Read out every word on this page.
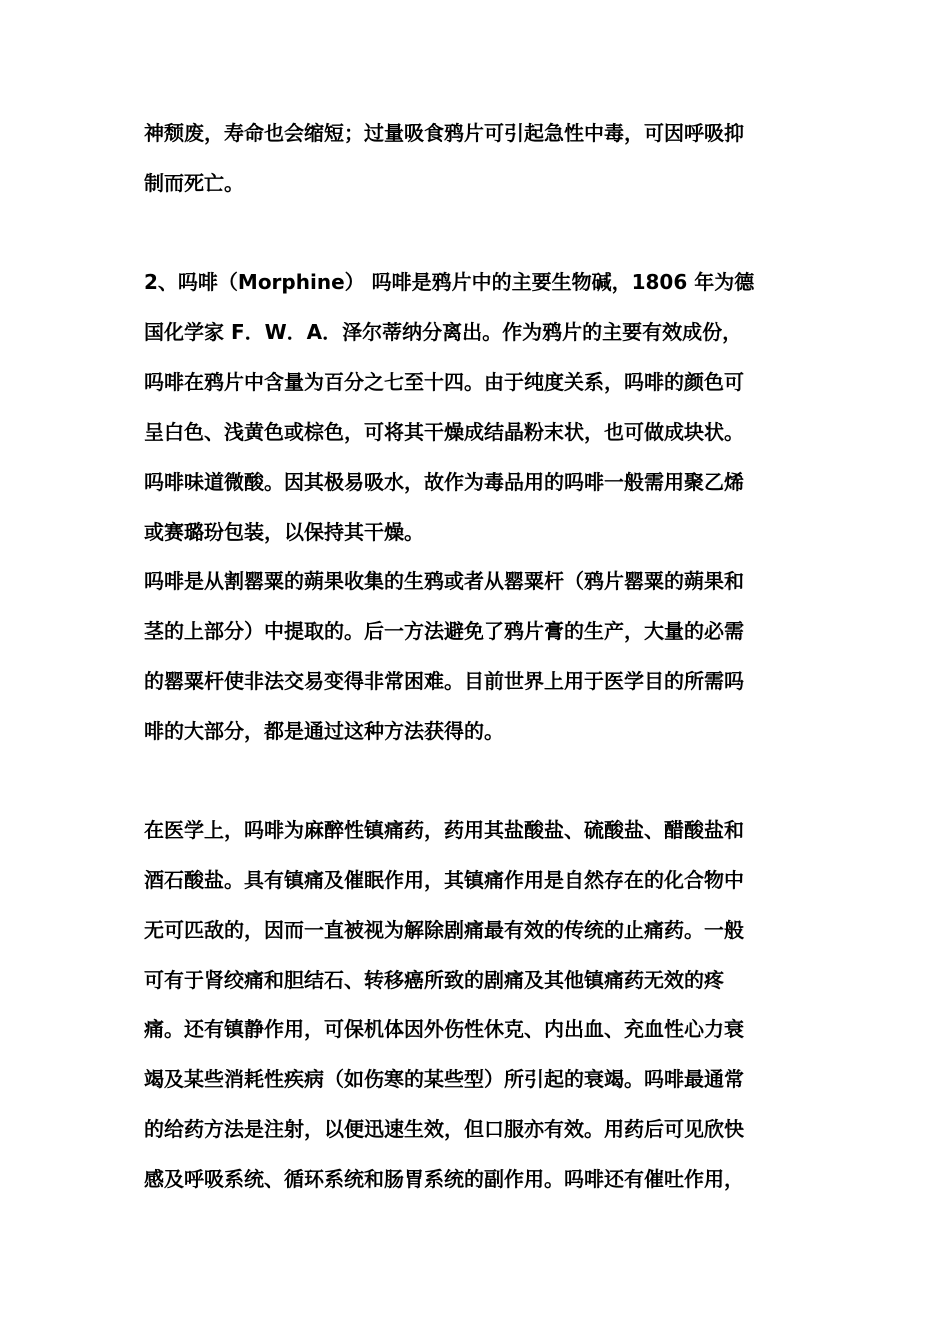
神颓废，寿命也会缩短；过量吸食鸦片可引起急性中毒，可因呼吸抑
制而死亡。
2、吗啡（Morphine） 吗啡是鸦片中的主要生物碱，1806 年为德
国化学家 F．W．A．泽尔蒂纳分离出。作为鸦片的主要有效成份，
吗啡在鸦片中含量为百分之七至十四。由于纯度关系，吗啡的颜色可
呈白色、浅黄色或棕色，可将其干燥成结晶粉末状，也可做成块状。
吗啡味道微酸。因其极易吸水，故作为毒品用的吗啡一般需用聚乙烯
或赛璐玢包装，以保持其干燥。
吗啡是从割罂粟的蒴果收集的生鸦或者从罂粟杆（鸦片罂粟的蒴果和
茎的上部分）中提取的。后一方法避免了鸦片膏的生产，大量的必需
的罂粟杆使非法交易变得非常困难。目前世界上用于医学目的所需吗
啡的大部分，都是通过这种方法获得的。
在医学上，吗啡为麻醉性镇痛药，药用其盐酸盐、硫酸盐、醋酸盐和
酒石酸盐。具有镇痛及催眠作用，其镇痛作用是自然存在的化合物中
无可匹敌的，因而一直被视为解除剧痛最有效的传统的止痛药。一般
可有于肾绞痛和胆结石、转移癌所致的剧痛及其他镇痛药无效的疼
痛。还有镇静作用，可保机体因外伤性休克、内出血、充血性心力衰
竭及某些消耗性疾病（如伤寒的某些型）所引起的衰竭。吗啡最通常
的给药方法是注射，以便迅速生效，但口服亦有效。用药后可见欣快
感及呼吸系统、循环系统和肠胃系统的副作用。吗啡还有催吐作用，
